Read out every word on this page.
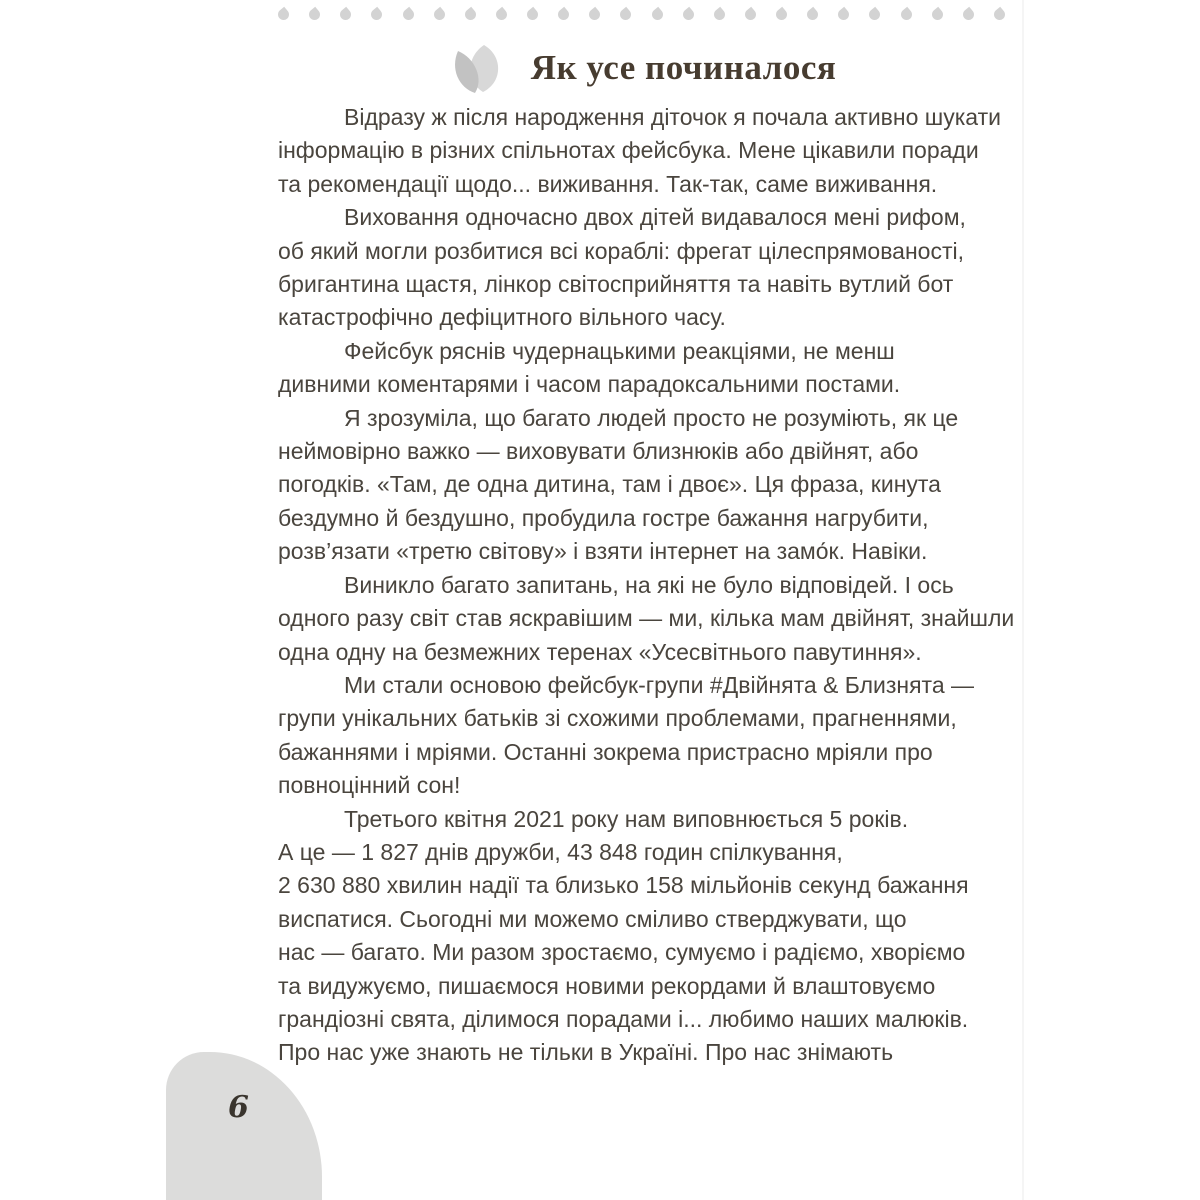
Як усе починалося
Відразу ж після народження діточок я почала активно шукати
інформацію в різних спільнотах фейсбука. Мене цікавили поради
та рекомендації щодо... виживання. Так-так, саме виживання.
Виховання одночасно двох дітей видавалося мені рифом,
об який могли розбитися всі кораблі: фрегат цілеспрямованості,
бригантина щастя, лінкор світосприйняття та навіть вутлий бот
катастрофічно дефіцитного вільного часу.
Фейсбук ряснів чудернацькими реакціями, не менш
дивними коментарями і часом парадоксальними постами.
Я зрозуміла, що багато людей просто не розуміють, як це
неймовірно важко — виховувати близнюків або двійнят, або
погодків. «Там, де одна дитина, там і двоє». Ця фраза, кинута
бездумно й бездушно, пробудила гостре бажання нагрубити,
розв’язати «третю світову» і взяти інтернет на замо́к. Навіки.
Виникло багато запитань, на які не було відповідей. І ось
одного разу світ став яскравішим — ми, кілька мам двійнят, знайшли
одна одну на безмежних теренах «Усесвітнього павутиння».
Ми стали основою фейсбук-групи #Двійнята & Близнята —
групи унікальних батьків зі схожими проблемами, прагненнями,
бажаннями і мріями. Останні зокрема пристрасно мріяли про
повноцінний сон!
Третього квітня 2021 року нам виповнюється 5 років.
А це — 1 827 днів дружби, 43 848 годин спілкування,
2 630 880 хвилин надії та близько 158 мільйонів секунд бажання
виспатися. Сьогодні ми можемо сміливо стверджувати, що
нас — багато. Ми разом зростаємо, сумуємо і радіємо, хворіємо
та видужуємо, пишаємося новими рекордами й влаштовуємо
грандіозні свята, ділимося порадами і... любимо наших малюків.
Про нас уже знають не тільки в Україні. Про нас знімають
6
